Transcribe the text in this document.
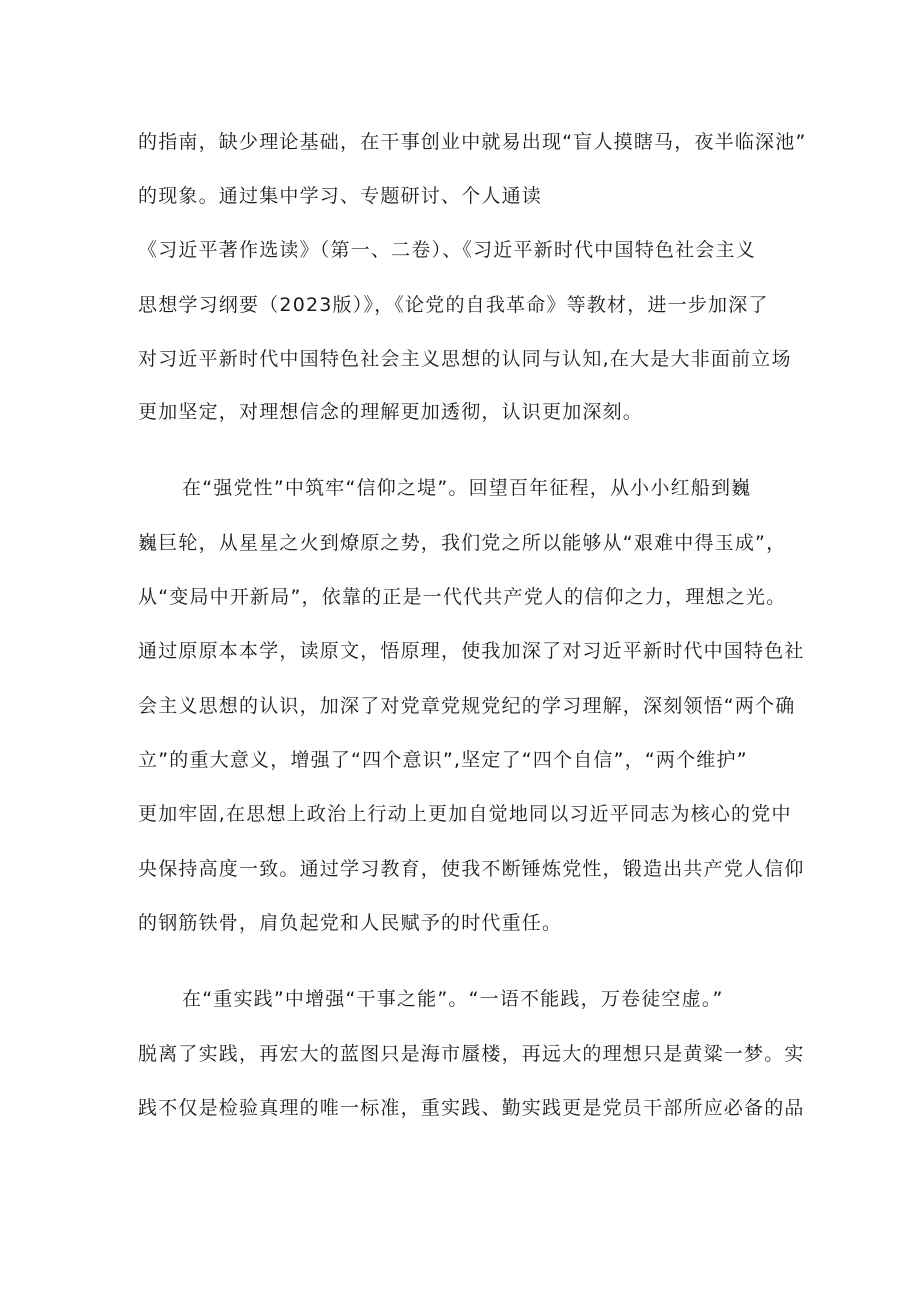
的指南，缺少理论基础，在干事创业中就易出现“盲人摸瞎马，夜半临深池”
的现象。通过集中学习、专题研讨、个人通读
《习近平著作选读》（第一、二卷）、《习近平新时代中国特色社会主义
思想学习纲要（2023版）》，《论党的自我革命》等教材，进一步加深了
对习近平新时代中国特色社会主义思想的认同与认知,在大是大非面前立场
更加坚定，对理想信念的理解更加透彻，认识更加深刻。
在“强党性”中筑牢“信仰之堤”。回望百年征程，从小小红船到巍
巍巨轮，从星星之火到燎原之势，我们党之所以能够从“艰难中得玉成”，
从“变局中开新局”，依靠的正是一代代共产党人的信仰之力，理想之光。
通过原原本本学，读原文，悟原理，使我加深了对习近平新时代中国特色社
会主义思想的认识，加深了对党章党规党纪的学习理解，深刻领悟“两个确
立”的重大意义，增强了“四个意识”,坚定了“四个自信”，“两个维护”
更加牢固,在思想上政治上行动上更加自觉地同以习近平同志为核心的党中
央保持高度一致。通过学习教育，使我不断锤炼党性，锻造出共产党人信仰
的钢筋铁骨，肩负起党和人民赋予的时代重任。
在“重实践”中增强“干事之能”。“一语不能践，万卷徒空虚。”
脱离了实践，再宏大的蓝图只是海市蜃楼，再远大的理想只是黄粱一梦。实
践不仅是检验真理的唯一标准，重实践、勤实践更是党员干部所应必备的品
